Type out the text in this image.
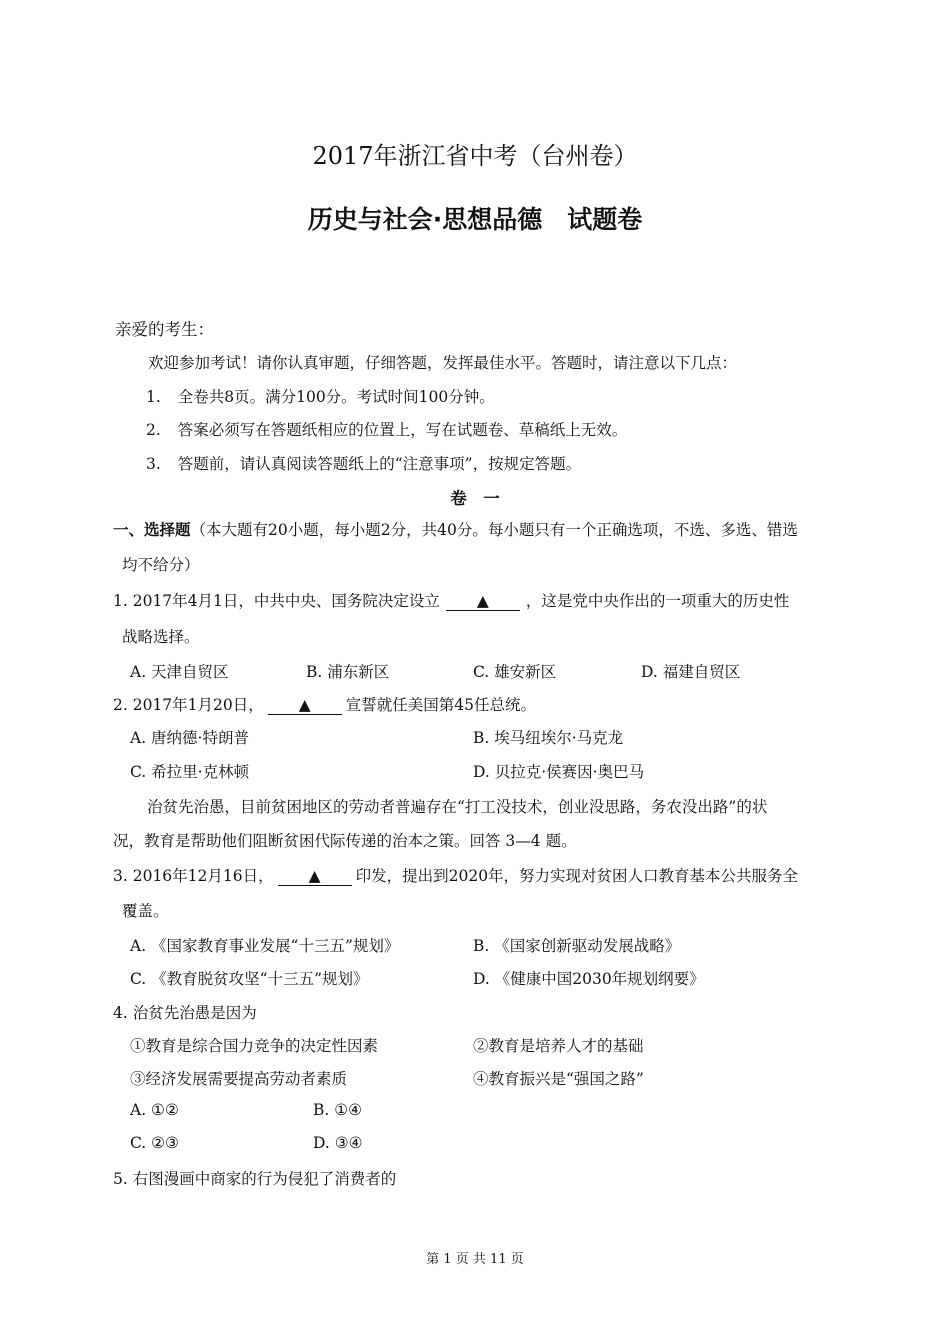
2017年浙江省中考（台州卷）
历史与社会·思想品德　试题卷
亲爱的考生：
欢迎参加考试！请你认真审题，仔细答题，发挥最佳水平。答题时，请注意以下几点：
1. 全卷共8页。满分100分。考试时间100分钟。
2. 答案必须写在答题纸相应的位置上，写在试题卷、草稿纸上无效。
3. 答题前，请认真阅读答题纸上的“注意事项”，按规定答题。
卷　一
一、选择题（本大题有20小题，每小题2分，共40分。每小题只有一个正确选项，不选、多选、错选
均不给分）
1. 2017年4月1日，中共中央、国务院决定设立 ▲ ，这是党中央作出的一项重大的历史性
战略选择。
A. 天津自贸区	B. 浦东新区	C. 雄安新区	D. 福建自贸区
2. 2017年1月20日， ▲ 宣誓就任美国第45任总统。
A. 唐纳德·特朗普	B. 埃马纽埃尔·马克龙
C. 希拉里·克林顿	D. 贝拉克·侯赛因·奥巴马
治贫先治愚，目前贫困地区的劳动者普遍存在“打工没技术，创业没思路，务农没出路”的状
况，教育是帮助他们阻断贫困代际传递的治本之策。回答 3—4 题。
3. 2016年12月16日， ▲ 印发，提出到2020年，努力实现对贫困人口教育基本公共服务全
覆盖。
A. 《国家教育事业发展“十三五”规划》	B. 《国家创新驱动发展战略》
C. 《教育脱贫攻坚“十三五”规划》	D. 《健康中国2030年规划纲要》
4. 治贫先治愚是因为
①教育是综合国力竞争的决定性因素	②教育是培养人才的基础
③经济发展需要提高劳动者素质	④教育振兴是“强国之路”
A. ①②	B. ①④
C. ②③	D. ③④
5. 右图漫画中商家的行为侵犯了消费者的
第 1 页 共 11 页
